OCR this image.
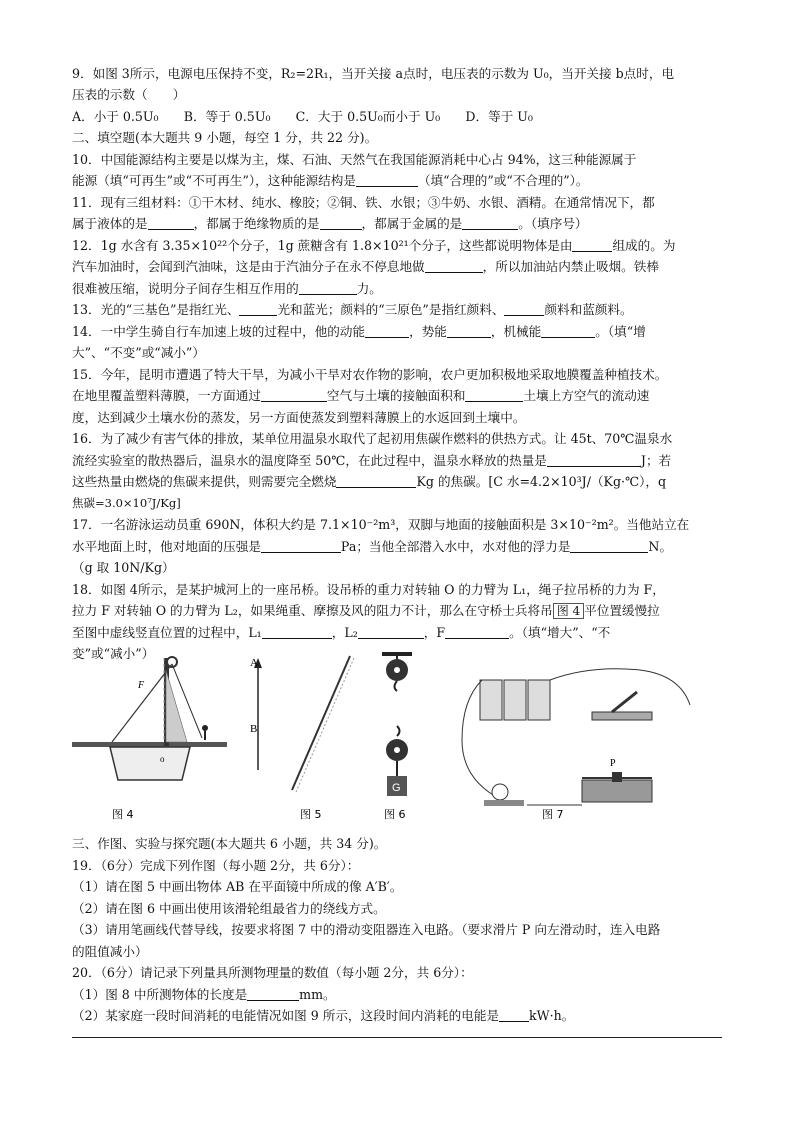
9．如图 3所示，电源电压保持不变，R₂=2R₁，当开关接 a点时，电压表的示数为 U₀，当开关接 b点时，电
压表的示数（　　）
A．小于 0.5U₀　　B．等于 0.5U₀　　C．大于 0.5U₀而小于 U₀　　D．等于 U₀
二、填空题(本大题共 9 小题，每空 1 分，共 22 分)。
10．中国能源结构主要是以煤为主，煤、石油、天然气在我国能源消耗中心占 94%，这三种能源属于
能源（填“可再生”或“不可再生”），这种能源结构是	（填“合理的”或“不合理的”）。
11．现有三组材料：①干木材、纯水、橡胶；②铜、铁、水银；③牛奶、水银、酒精。在通常情况下，都
属于液体的是	，都属于绝缘物质的是	，都属于金属的是	。（填序号）
12．1g 水含有 3.35×10²²个分子，1g 蔗糖含有 1.8×10²¹个分子，这些都说明物体是由	组成的。为
汽车加油时，会闻到汽油味，这是由于汽油分子在永不停息地做	，所以加油站内禁止吸烟。铁棒
很难被压缩，说明分子间存生相互作用的	力。
13．光的“三基色”是指红光、	光和蓝光；颜料的“三原色”是指红颜料、	颜料和蓝颜料。
14．一中学生骑自行车加速上坡的过程中，他的动能	，势能	，机械能	。（填“增
大”、“不变”或“减小”）
15．今年，昆明市遭遇了特大干旱，为减小干旱对农作物的影响，农户更加积极地采取地膜覆盖种植技术。
在地里覆盖塑料薄膜，一方面通过	空气与土壤的接触面积和	土壤上方空气的流动速
度，达到减少土壤水份的蒸发，另一方面使蒸发到塑料薄膜上的水返回到土壤中。
16．为了减少有害气体的排放，某单位用温泉水取代了起初用焦碳作燃料的供热方式。让 45t、70℃温泉水
流经实验室的散热器后，温泉水的温度降至 50℃，在此过程中，温泉水释放的热量是	J；若
这些热量由燃烧的焦碳来提供，则需要完全燃烧	Kg 的焦碳。[C 水=4.2×10³J/（Kg·℃），q
焦碳=3.0×10⁷J/Kg]
17．一名游泳运动员重 690N，体积大约是 7.1×10⁻²m³，双脚与地面的接触面积是 3×10⁻²m²。当他站立在
水平地面上时，他对地面的压强是	Pa；当他全部潜入水中，水对他的浮力是	N。
（g 取 10N/Kg）
18．如图 4所示，是某护城河上的一座吊桥。设吊桥的重力对转轴 O 的力臂为 L₁，绳子拉吊桥的力为 F，
拉力 F 对转轴 O 的力臂为 L₂，如果绳重、摩擦及风的阻力不计，那么在守桥士兵将吊 图 4 平位置缓慢拉
至图中虚线竖直位置的过程中，L₁	，L₂	，F	。（填“增大”、“不
变”或“减小”）
三、作图、实验与探究题(本大题共 6 小题，共 34 分)。
19．（6分）完成下列作图（每小题 2分，共 6分）：
（1）请在图 5 中画出物体 AB 在平面镜中所成的像 A′B′。
（2）请在图 6 中画出使用该滑轮组最省力的绕线方式。
（3）请用笔画线代替导线，按要求将图 7 中的滑动变阻器连入电路。（要求滑片 P 向左滑动时，连入电路
的阻值减小）
20．（6分）请记录下列量具所测物理量的数值（每小题 2分，共 6分）：
（1）图 8 中所测物体的长度是	mm。
（2）某家庭一段时间消耗的电能情况如图 9 所示，这段时间内消耗的电能是 kW·h。
F
o
图 4
A
B
图 5
G
图 6
P
图 7
